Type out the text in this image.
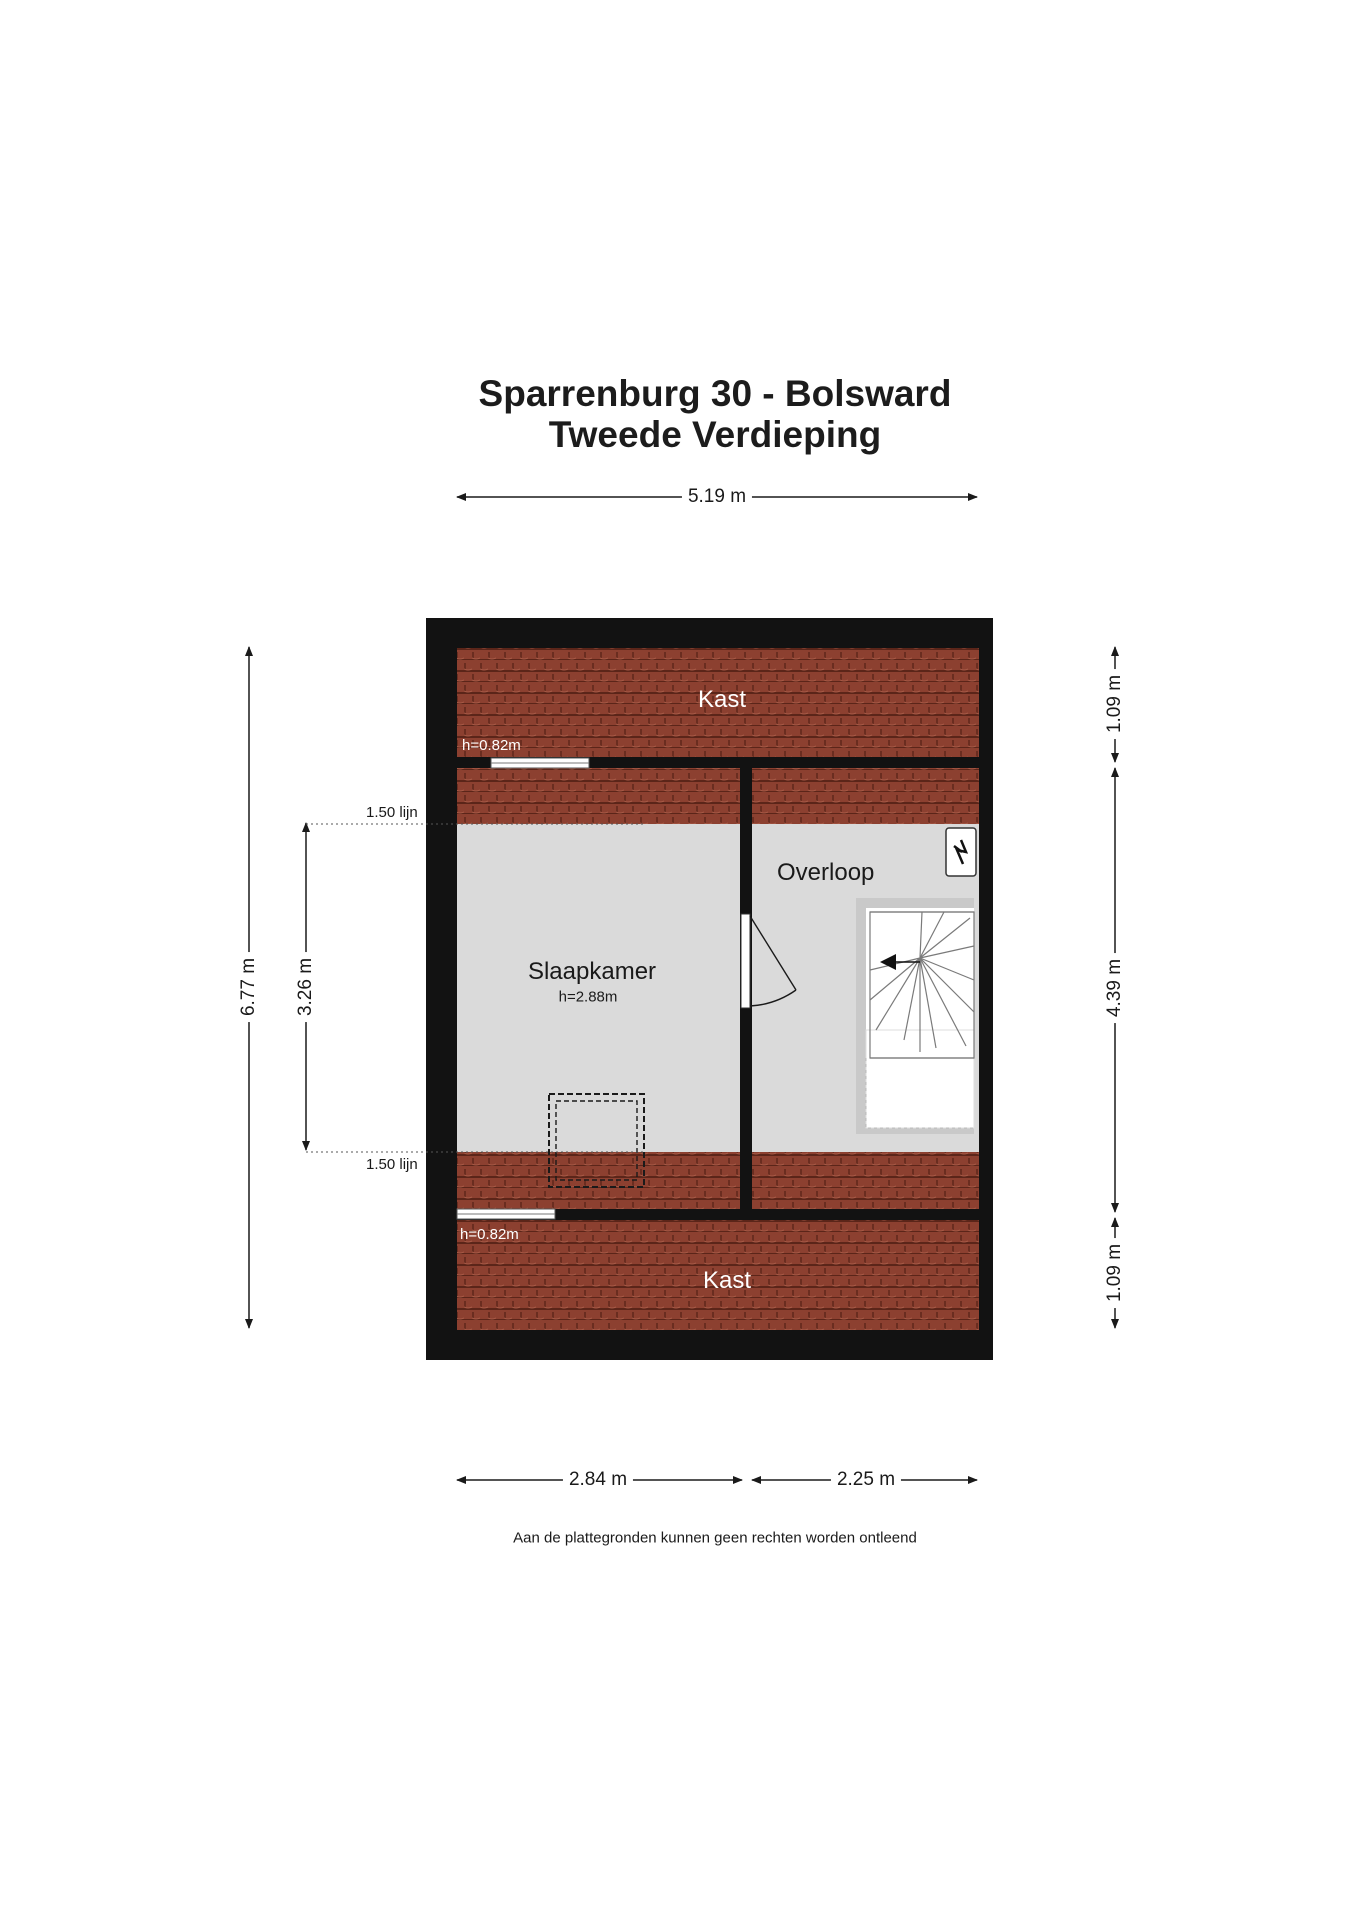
Sparrenburg 30 - Bolsward
Tweede Verdieping
5.19 m
2.84 m	2.25 m
6.77 m 3.26 m
1.09 m
4.39 m
1.09 m
1.50 lijn
1.50 lijn
Kast
h=0.82m
h=0.82m
Kast
Slaapkamer
h=2.88m
Overloop
Aan de plattegronden kunnen geen rechten worden ontleend
